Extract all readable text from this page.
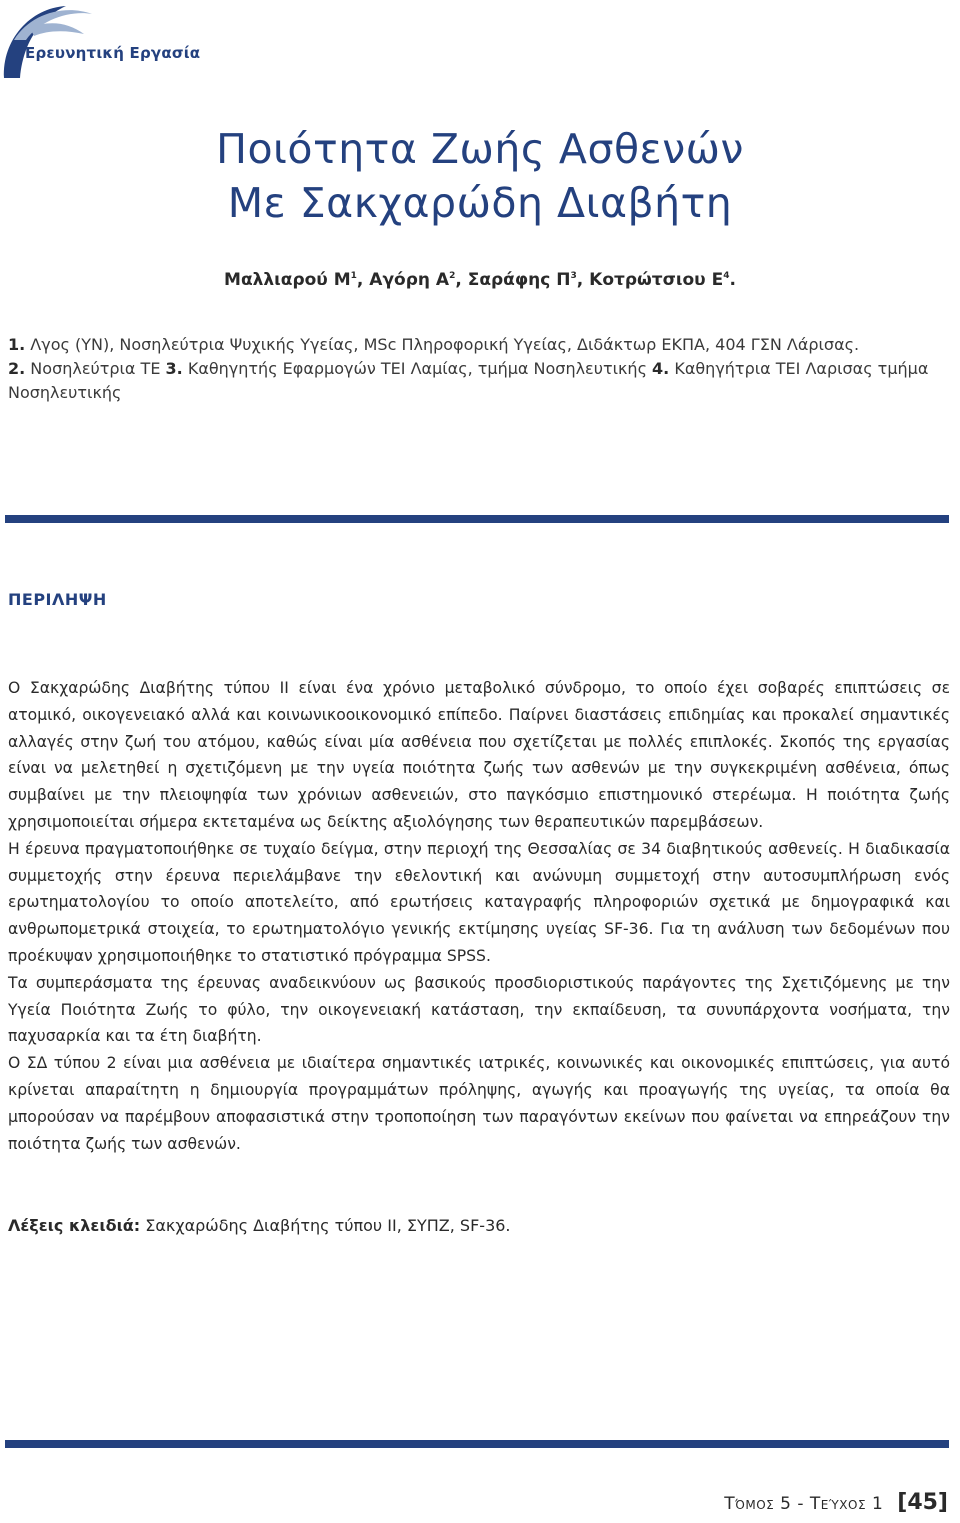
Ερευνητική Εργασία
Ποιότητα Ζωής Ασθενών
Με Σακχαρώδη Διαβήτη

Μαλλιαρού $M^1$, Αγόρη $A^2$, Σαράφης $\Pi^3$, Κοτρώτσιου $E^4$.

1. Λγος (ΥΝ), Νοσηλεύτρια Ψυχικής Υγείας, MSc Πληροφορική Υγείας, Διδάκτωρ ΕΚΠΑ, 404 ΓΣΝ Λάρισας.
2. Νοσηλεύτρια ΤΕ 3. Καθηγητής Εφαρμογών ΤΕΙ Λαμίας, τμήμα Νοσηλευτικής 4. Καθηγήτρια ΤΕΙ Λαρισας τμήμα Νοσηλευτικής

ΠΕΡΙΛΗΨΗ

Ο Σακχαρώδης Διαβήτης τύπου ΙΙ είναι ένα χρόνιο μεταβολικό σύνδρομο, το οποίο έχει σοβαρές επιπτώσεις σε ατομικό, οικογενειακό αλλά και κοινωνικοοικονομικό επίπεδο. Παίρνει διαστάσεις επιδημίας και προκαλεί σημαντικές αλλαγές στην ζωή του ατόμου, καθώς είναι μία ασθένεια που σχετίζεται με πολλές επιπλοκές. Σκοπός της εργασίας είναι να μελετηθεί η σχετιζόμενη με την υγεία ποιότητα ζωής των ασθενών με την συγκεκριμένη ασθένεια, όπως συμβαίνει με την πλειοψηφία των χρόνιων ασθενειών, στο παγκόσμιο επιστημονικό στερέωμα. Η ποιότητα ζωής χρησιμοποιείται σήμερα εκτεταμένα ως δείκτης αξιολόγησης των θεραπευτικών παρεμβάσεων.

Η έρευνα πραγματοποιήθηκε σε τυχαίο δείγμα, στην περιοχή της Θεσσαλίας σε 34 διαβητικούς ασθενείς. Η διαδικασία συμμετοχής στην έρευνα περιελάμβανε την εθελοντική και ανώνυμη συμμετοχή στην αυτοσυμπλήρωση ενός ερωτηματολογίου το οποίο αποτελείτο, από ερωτήσεις καταγραφής πληροφοριών σχετικά με δημογραφικά και ανθρωπομετρικά στοιχεία, το ερωτηματολόγιο γενικής εκτίμησης υγείας SF-36. Για τη ανάλυση των δεδομένων που προέκυψαν χρησιμοποιήθηκε το στατιστικό πρόγραμμα SPSS.

Τα συμπεράσματα της έρευνας αναδεικνύουν ως βασικούς προσδιοριστικούς παράγοντες της Σχετιζόμενης με την Υγεία Ποιότητα Ζωής το φύλο, την οικογενειακή κατάσταση, την εκπαίδευση, τα συνυπάρχοντα νοσήματα, την παχυσαρκία και τα έτη διαβήτη.

Ο ΣΔ τύπου 2 είναι μια ασθένεια με ιδιαίτερα σημαντικές ιατρικές, κοινωνικές και οικονομικές επιπτώσεις, για αυτό κρίνεται απαραίτητη η δημιουργία προγραμμάτων πρόληψης, αγωγής και προαγωγής της υγείας, τα οποία θα μπορούσαν να παρέμβουν αποφασιστικά στην τροποποίηση των παραγόντων εκείνων που φαίνεται να επηρεάζουν την ποιότητα ζωής των ασθενών.

Λέξεις κλειδιά: Σακχαρώδης Διαβήτης τύπου ΙΙ, ΣΥΠΖ, SF-36.

Τόμος 5 - Τεύχος 1 [45]
